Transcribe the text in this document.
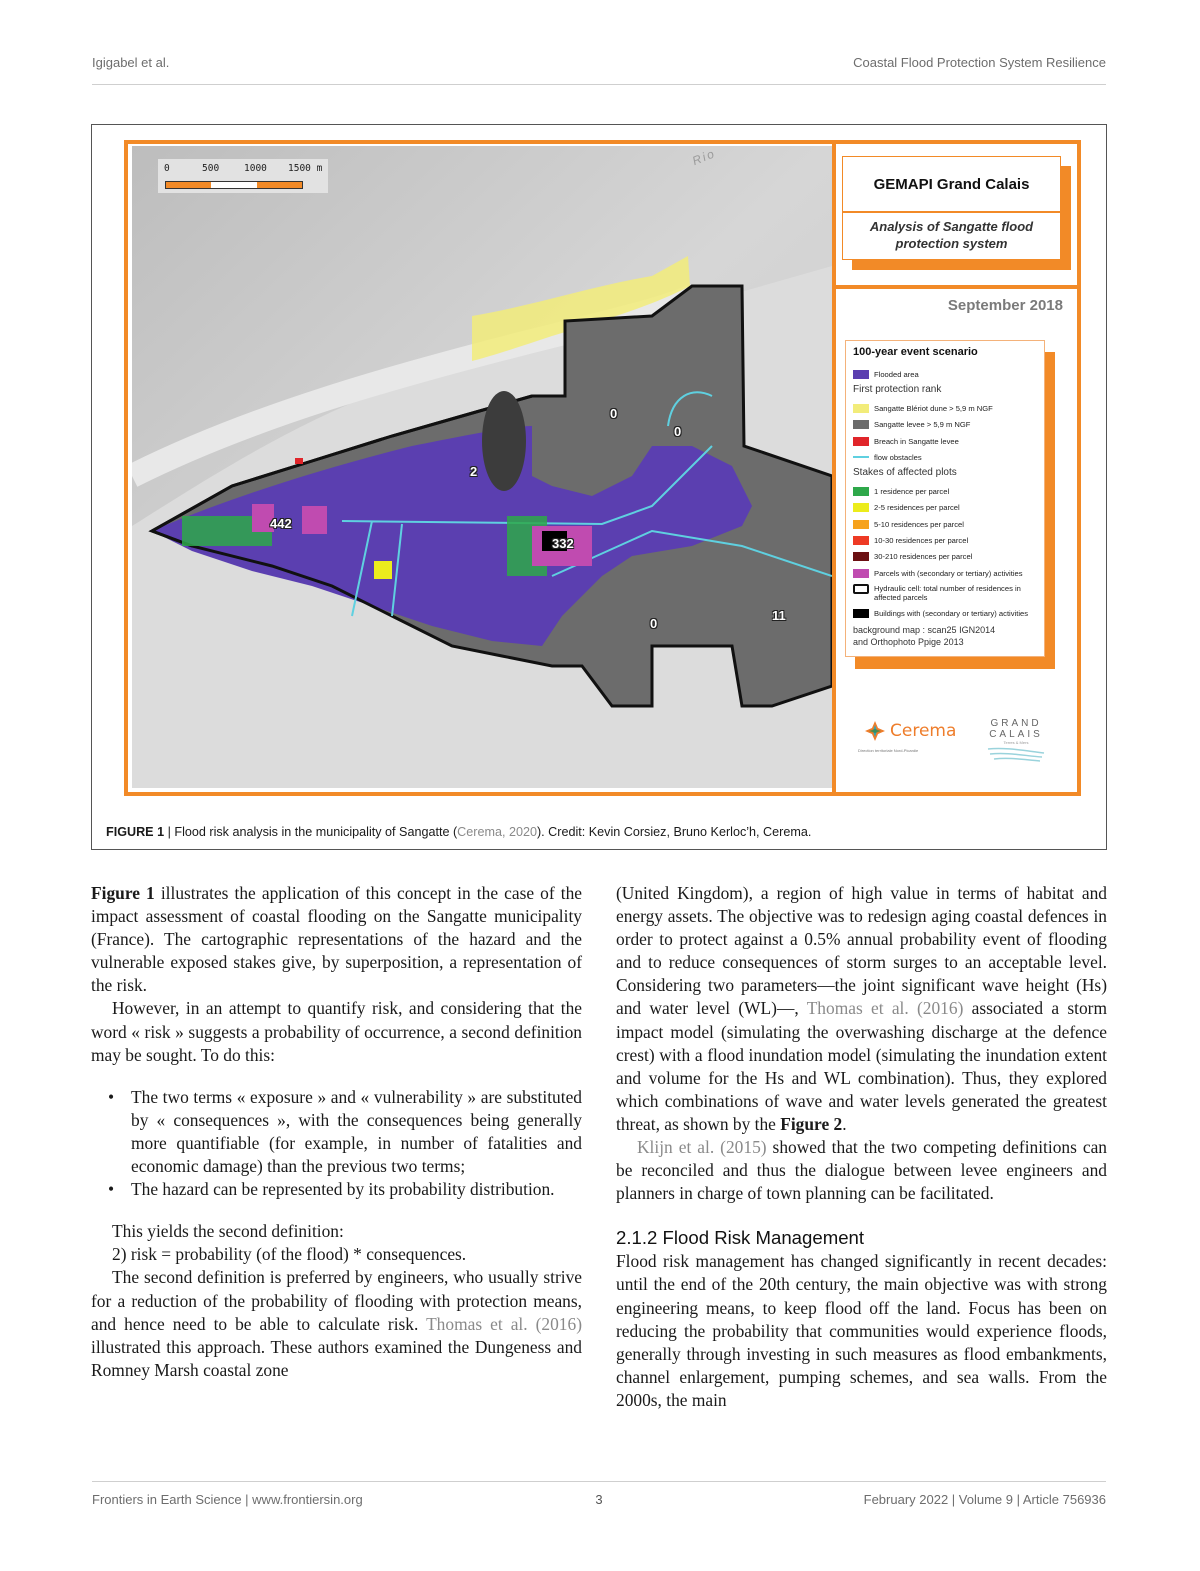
Igigabel et al.	Coastal Flood Protection System Resilience
0	500	1000 1500 m
Rio
442
2
0
0
332
0
11
GEMAPI Grand Calais
Analysis of Sangatte flood protection system
September 2018
100-year event scenario
Flooded area
First protection rank
Sangatte Blériot dune > 5,9 m NGF
Sangatte levee > 5,9 m NGF
Breach in Sangatte levee
flow obstacles
Stakes of affected plots
1 residence per parcel
2-5 residences per parcel
5-10 residences per parcel
10-30 residences per parcel
30-210 residences per parcel
Parcels with (secondary or tertiary) activities
Hydraulic cell: total number of residences in affected parcels
Buildings with (secondary or tertiary) activities
background map : scan25 IGN2014
and Orthophoto Ppige 2013
Cerema
Direction territoriale Nord-Picardie
GRAND
CALAIS
Terres & Mers
FIGURE 1 | Flood risk analysis in the municipality of Sangatte (Cerema, 2020). Credit: Kevin Corsiez, Bruno Kerloc’h, Cerema.

Figure 1 illustrates the application of this concept in the case of the impact assessment of coastal flooding on the Sangatte municipality (France). The cartographic representations of the hazard and the vulnerable exposed stakes give, by superposition, a representation of the risk.

However, in an attempt to quantify risk, and considering that the word « risk » suggests a probability of occurrence, a second definition may be sought. To do this:

• The two terms « exposure » and « vulnerability » are substituted by « consequences », with the consequences being generally more quantifiable (for example, in number of fatalities and economic damage) than the previous two terms;
• The hazard can be represented by its probability distribution.

This yields the second definition:

2) risk = probability (of the flood) * consequences.

The second definition is preferred by engineers, who usually strive for a reduction of the probability of flooding with protection means, and hence need to be able to calculate risk. Thomas et al. (2016) illustrated this approach. These authors examined the Dungeness and Romney Marsh coastal zone

(United Kingdom), a region of high value in terms of habitat and energy assets. The objective was to redesign aging coastal defences in order to protect against a 0.5% annual probability event of flooding and to reduce consequences of storm surges to an acceptable level. Considering two parameters—the joint significant wave height (Hs) and water level (WL)—, Thomas et al. (2016) associated a storm impact model (simulating the overwashing discharge at the defence crest) with a flood inundation model (simulating the inundation extent and volume for the Hs and WL combination). Thus, they explored which combinations of wave and water levels generated the greatest threat, as shown by the Figure 2.

Klijn et al. (2015) showed that the two competing definitions can be reconciled and thus the dialogue between levee engineers and planners in charge of town planning can be facilitated.

2.1.2 Flood Risk Management

Flood risk management has changed significantly in recent decades: until the end of the 20th century, the main objective was with strong engineering means, to keep flood off the land. Focus has been on reducing the probability that communities would experience floods, generally through investing in such measures as flood embankments, channel enlargement, pumping schemes, and sea walls. From the 2000s, the main

Frontiers in Earth Science | www.frontiersin.org	3	February 2022 | Volume 9 | Article 756936
